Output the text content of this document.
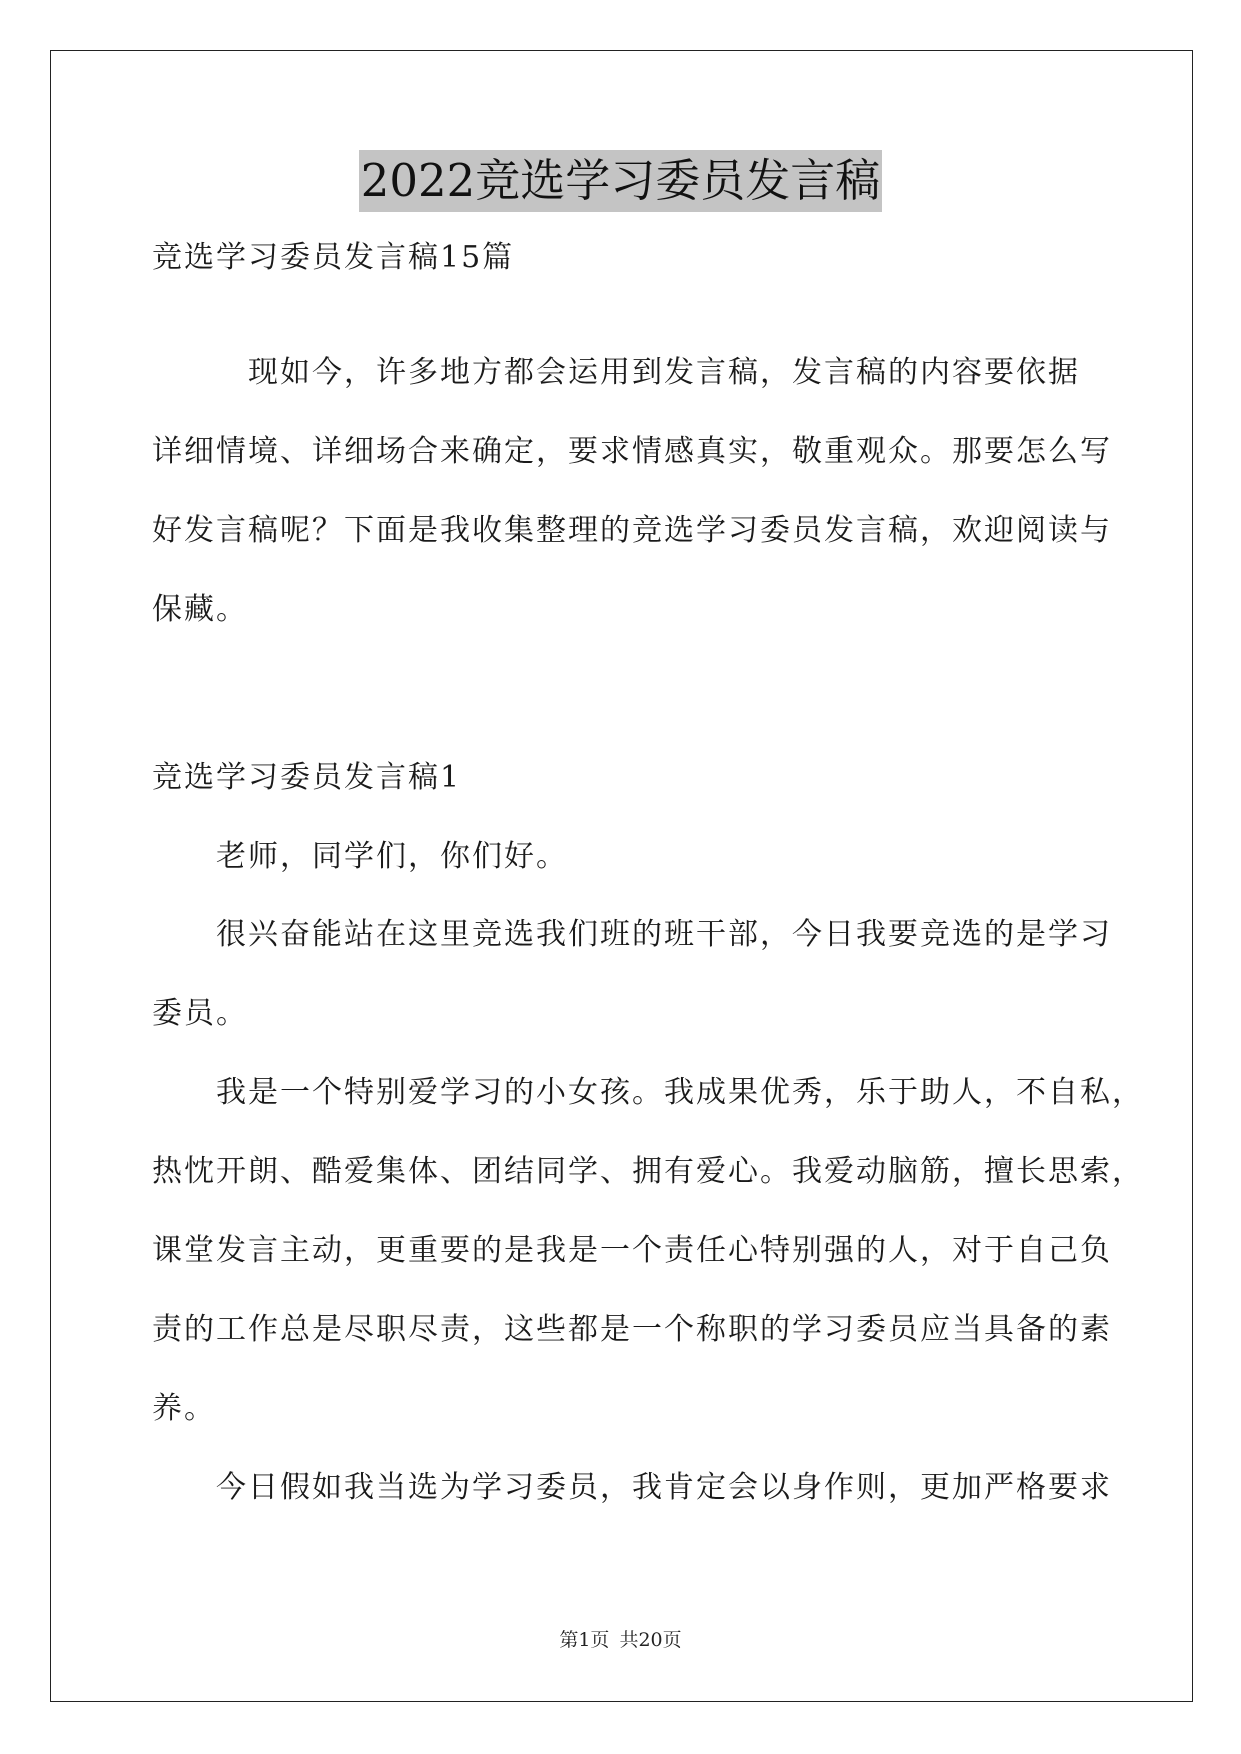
2022竞选学习委员发言稿
竞选学习委员发言稿15篇
　　　现如今，许多地方都会运用到发言稿，发言稿的内容要依据
详细情境、详细场合来确定，要求情感真实，敬重观众。那要怎么写
好发言稿呢？下面是我收集整理的竞选学习委员发言稿，欢迎阅读与
保藏。
竞选学习委员发言稿1
　　老师，同学们，你们好。
　　很兴奋能站在这里竞选我们班的班干部，今日我要竞选的是学习
委员。
　　我是一个特别爱学习的小女孩。我成果优秀，乐于助人，不自私，
热忱开朗、酷爱集体、团结同学、拥有爱心。我爱动脑筋，擅长思索，
课堂发言主动，更重要的是我是一个责任心特别强的人，对于自己负
责的工作总是尽职尽责，这些都是一个称职的学习委员应当具备的素
养。
　　今日假如我当选为学习委员，我肯定会以身作则，更加严格要求
第1页 共20页
